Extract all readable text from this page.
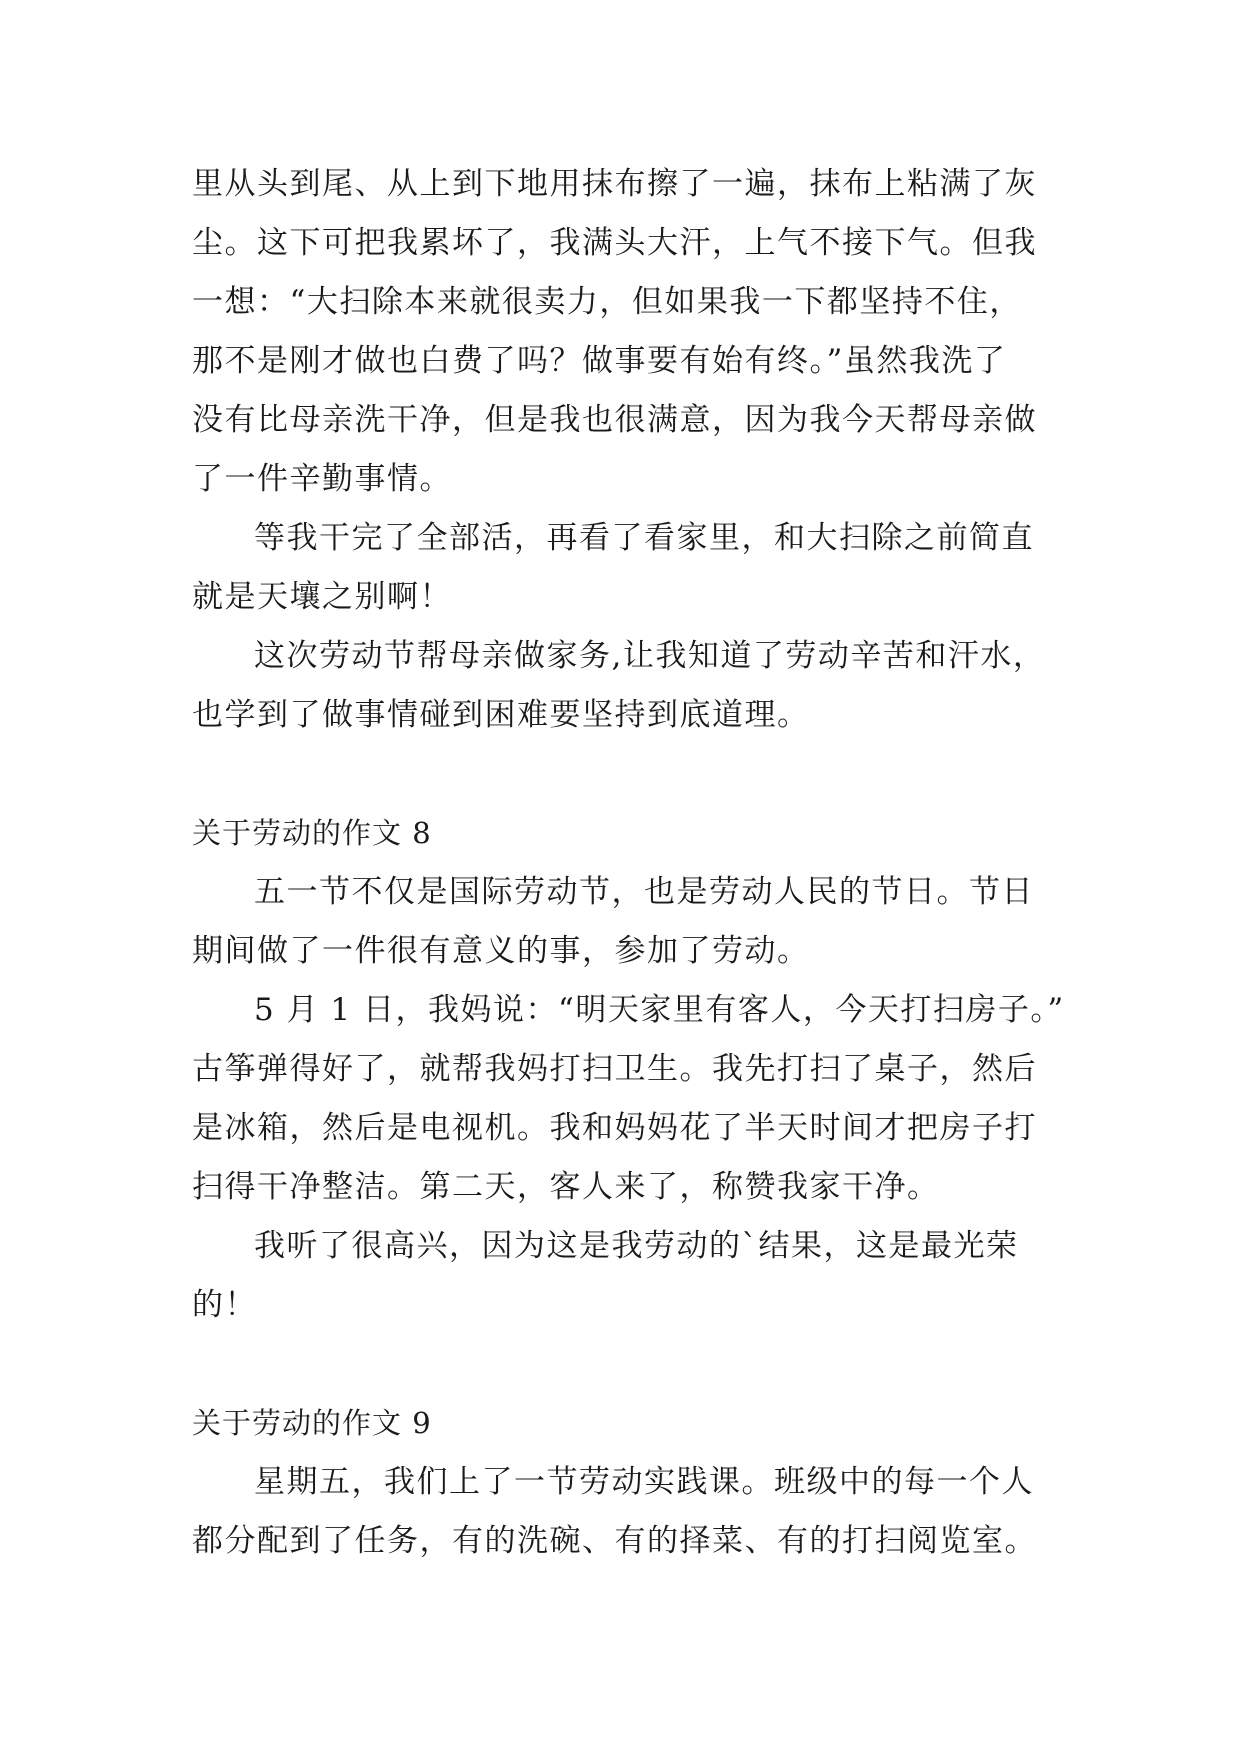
里从头到尾、从上到下地用抹布擦了一遍，抹布上粘满了灰
尘。这下可把我累坏了，我满头大汗，上气不接下气。但我
一想：“大扫除本来就很卖力，但如果我一下都坚持不住，
那不是刚才做也白费了吗？做事要有始有终。”虽然我洗了
没有比母亲洗干净，但是我也很满意，因为我今天帮母亲做
了一件辛勤事情。
等我干完了全部活，再看了看家里，和大扫除之前简直
就是天壤之别啊！
这次劳动节帮母亲做家务,让我知道了劳动辛苦和汗水，
也学到了做事情碰到困难要坚持到底道理。
关于劳动的作文 8
五一节不仅是国际劳动节，也是劳动人民的节日。节日
期间做了一件很有意义的事，参加了劳动。
5 月 1 日，我妈说：“明天家里有客人，今天打扫房子。”
古筝弹得好了，就帮我妈打扫卫生。我先打扫了桌子，然后
是冰箱，然后是电视机。我和妈妈花了半天时间才把房子打
扫得干净整洁。第二天，客人来了，称赞我家干净。
我听了很高兴，因为这是我劳动的`结果，这是最光荣
的！
关于劳动的作文 9
星期五，我们上了一节劳动实践课。班级中的每一个人
都分配到了任务，有的洗碗、有的择菜、有的打扫阅览室。
